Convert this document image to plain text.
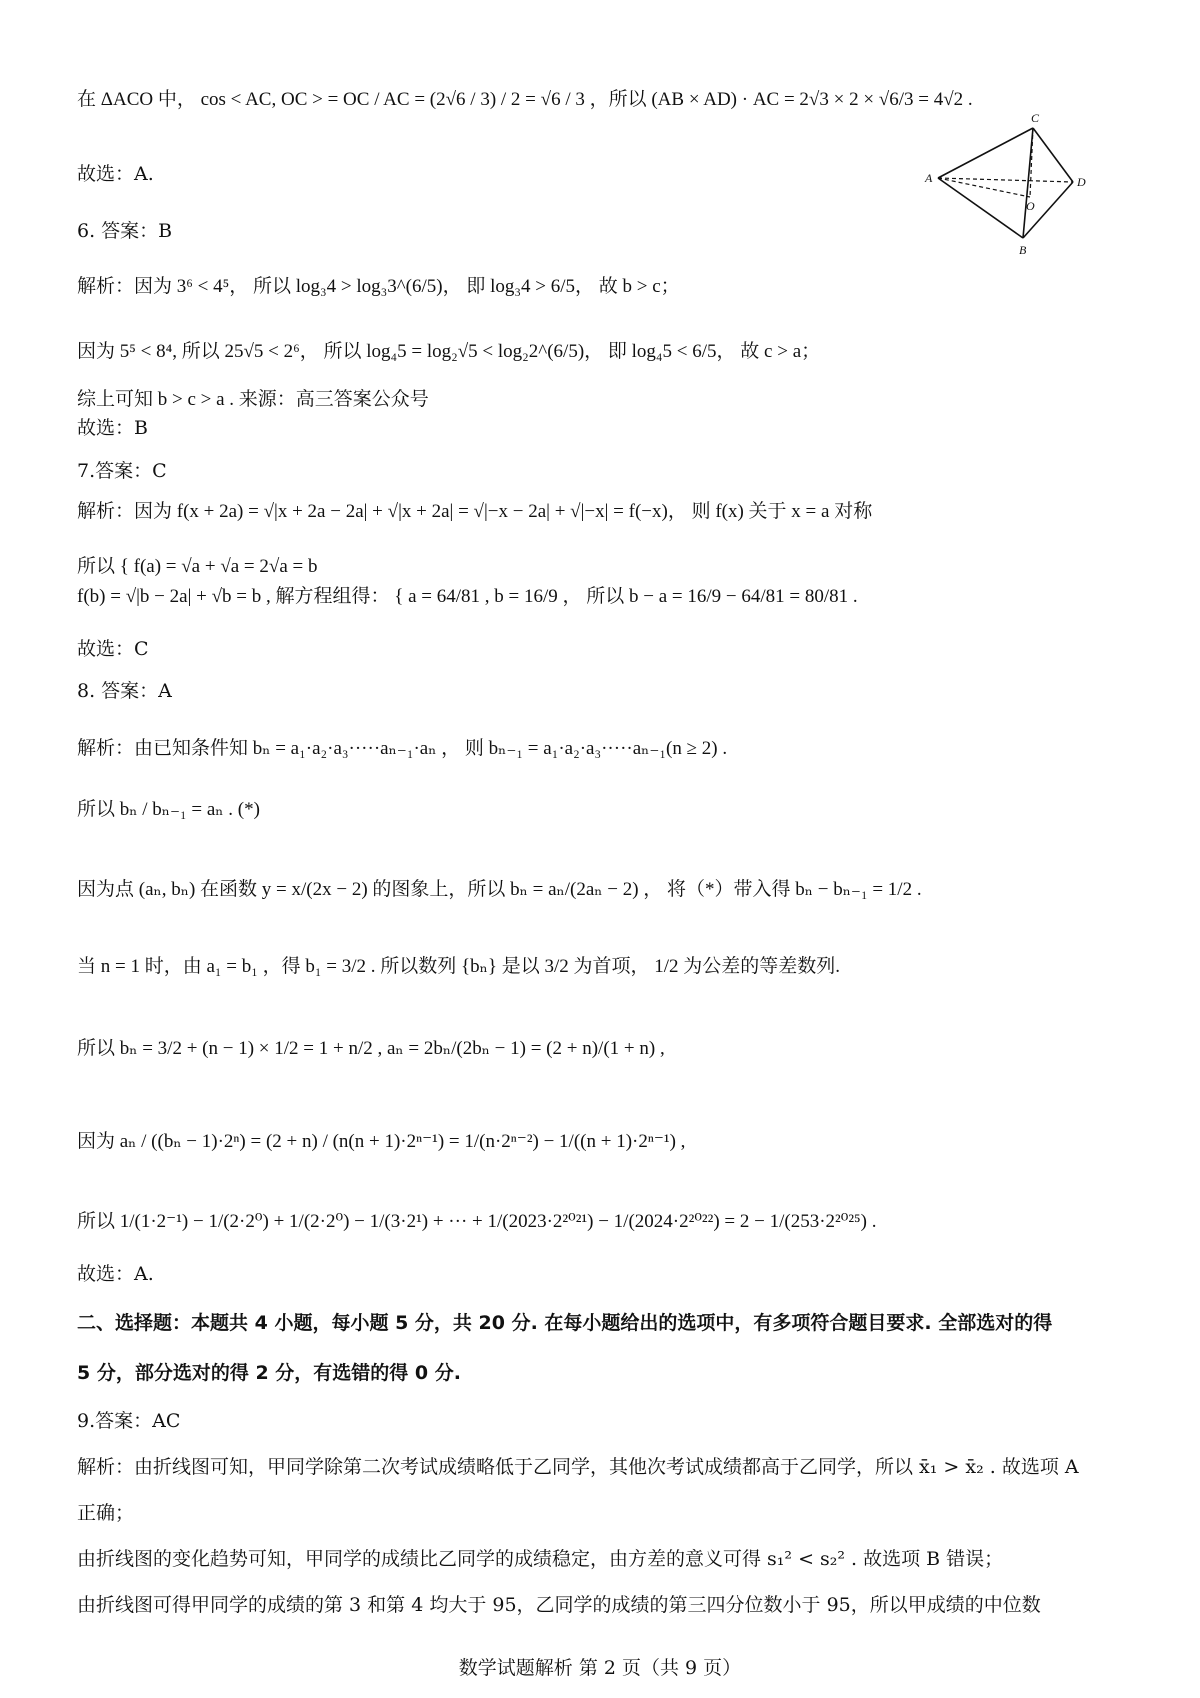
在 ΔACO 中， cos < AC, OC > = OC / AC = (2√6 / 3) / 2 = √6 / 3 ，所以 (AB × AD) · AC = 2√3 × 2 × √6/3 = 4√2 .
故选：A.
6. 答案：B
解析：因为 3⁶ < 4⁵， 所以 log₃4 > log₃3^(6/5)， 即 log₃4 > 6/5， 故 b > c；
因为 5⁵ < 8⁴, 所以 25√5 < 2⁶， 所以 log₄5 = log₂√5 < log₂2^(6/5)， 即 log₄5 < 6/5， 故 c > a；
综上可知 b > c > a . 来源：高三答案公众号
故选：B
7.答案：C
解析：因为 f(x + 2a) = √|x + 2a − 2a| + √|x + 2a| = √|−x − 2a| + √|−x| = f(−x)， 则 f(x) 关于 x = a 对称
所以 { f(a) = √a + √a = 2√a = b
f(b) = √|b − 2a| + √b = b , 解方程组得： { a = 64/81 , b = 16/9 ， 所以 b − a = 16/9 − 64/81 = 80/81 .
故选：C
8. 答案：A
解析：由已知条件知 bₙ = a₁·a₂·a₃·····aₙ₋₁·aₙ ， 则 bₙ₋₁ = a₁·a₂·a₃·····aₙ₋₁(n ≥ 2) .
所以 bₙ / bₙ₋₁ = aₙ . (*)
因为点 (aₙ, bₙ) 在函数 y = x/(2x − 2) 的图象上，所以 bₙ = aₙ/(2aₙ − 2) ， 将（*）带入得 bₙ − bₙ₋₁ = 1/2 .
当 n = 1 时，由 a₁ = b₁ ，得 b₁ = 3/2 . 所以数列 {bₙ} 是以 3/2 为首项， 1/2 为公差的等差数列.
所以 bₙ = 3/2 + (n − 1) × 1/2 = 1 + n/2 , aₙ = 2bₙ/(2bₙ − 1) = (2 + n)/(1 + n) ,
因为 aₙ / ((bₙ − 1)·2ⁿ) = (2 + n) / (n(n + 1)·2ⁿ⁻¹) = 1/(n·2ⁿ⁻²) − 1/((n + 1)·2ⁿ⁻¹) ,
所以 1/(1·2⁻¹) − 1/(2·2⁰) + 1/(2·2⁰) − 1/(3·2¹) + ··· + 1/(2023·2²⁰²¹) − 1/(2024·2²⁰²²) = 2 − 1/(253·2²⁰²⁵) .
故选：A.
二、选择题：本题共 4 小题，每小题 5 分，共 20 分. 在每小题给出的选项中，有多项符合题目要求. 全部选对的得
5 分，部分选对的得 2 分，有选错的得 0 分.
9.答案：AC
解析：由折线图可知，甲同学除第二次考试成绩略低于乙同学，其他次考试成绩都高于乙同学，所以 x̄₁ > x̄₂ . 故选项 A
正确；
由折线图的变化趋势可知，甲同学的成绩比乙同学的成绩稳定，由方差的意义可得 s₁² < s₂² . 故选项 B 错误；
由折线图可得甲同学的成绩的第 3 和第 4 均大于 95，乙同学的成绩的第三四分位数小于 95，所以甲成绩的中位数
A
C
D
B
O
数学试题解析 第 2 页（共 9 页）
